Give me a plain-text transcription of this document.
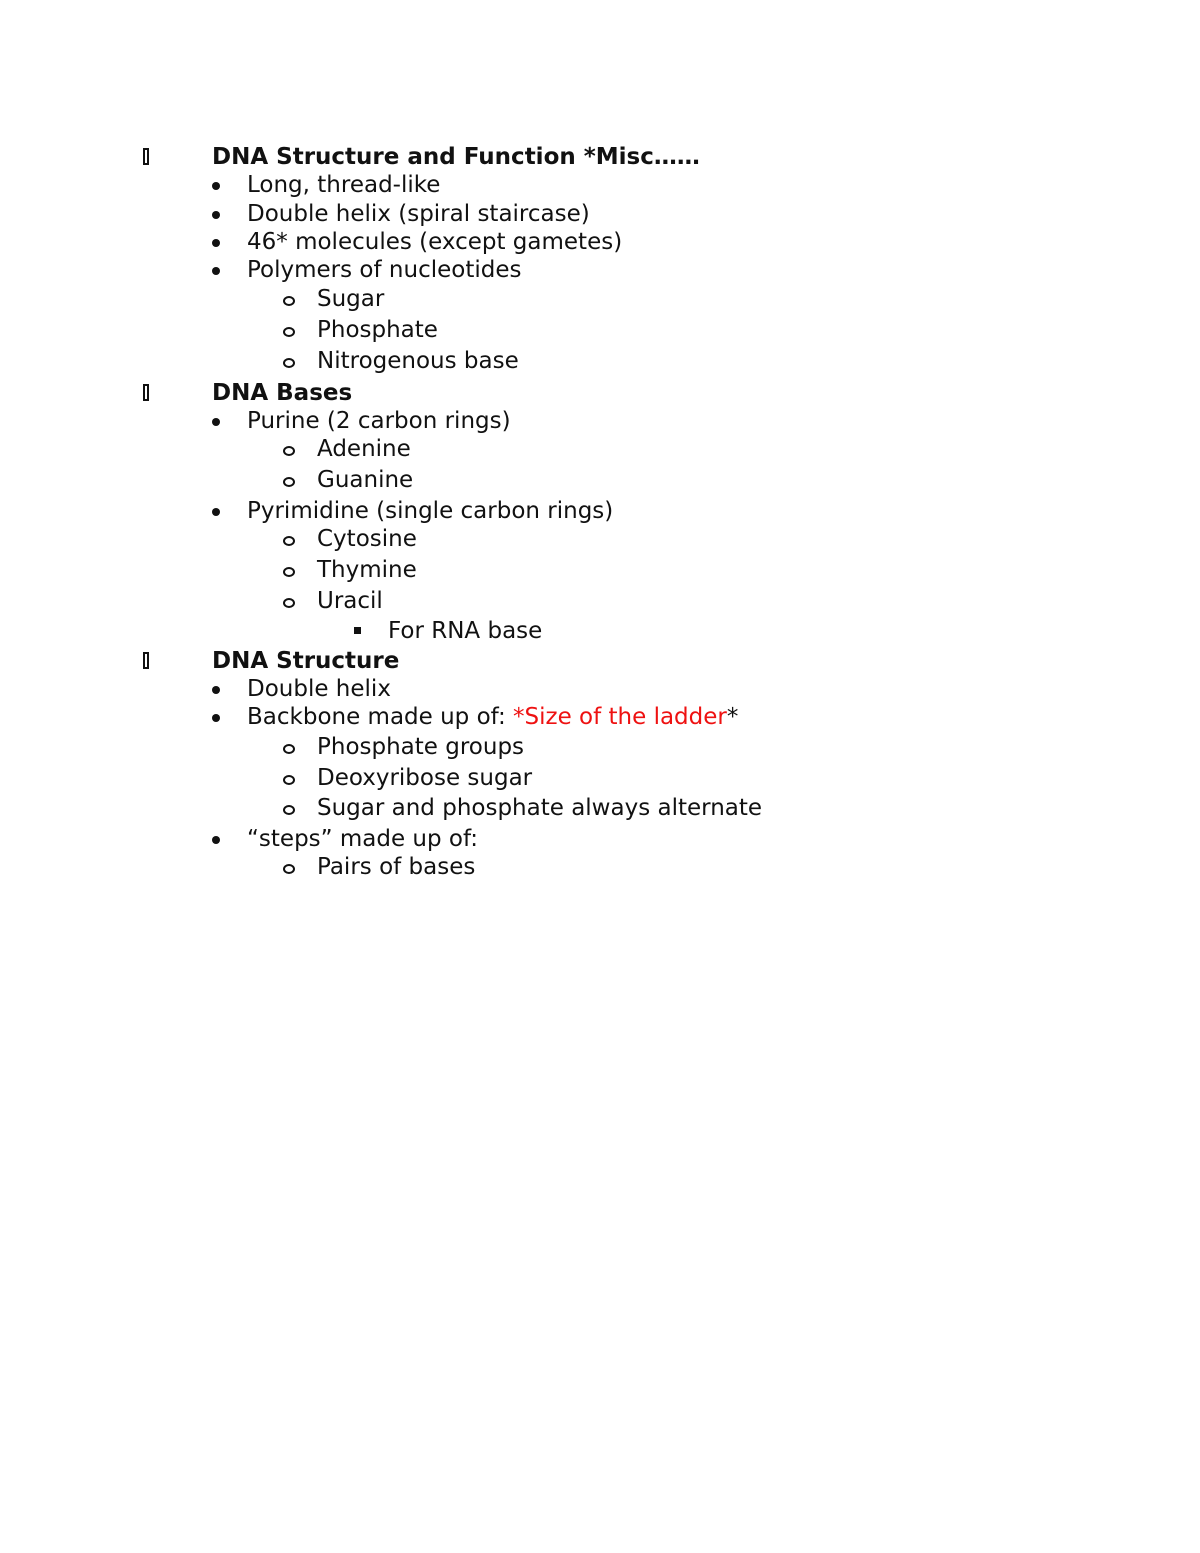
DNA Structure and Function *Misc……
Long, thread-like
Double helix (spiral staircase)
46* molecules (except gametes)
Polymers of nucleotides
Sugar
Phosphate
Nitrogenous base
DNA Bases
Purine (2 carbon rings)
Adenine
Guanine
Pyrimidine (single carbon rings)
Cytosine
Thymine
Uracil
For RNA base
DNA Structure
Double helix
Backbone made up of: *Size of the ladder*
Phosphate groups
Deoxyribose sugar
Sugar and phosphate always alternate
“steps” made up of:
Pairs of bases
